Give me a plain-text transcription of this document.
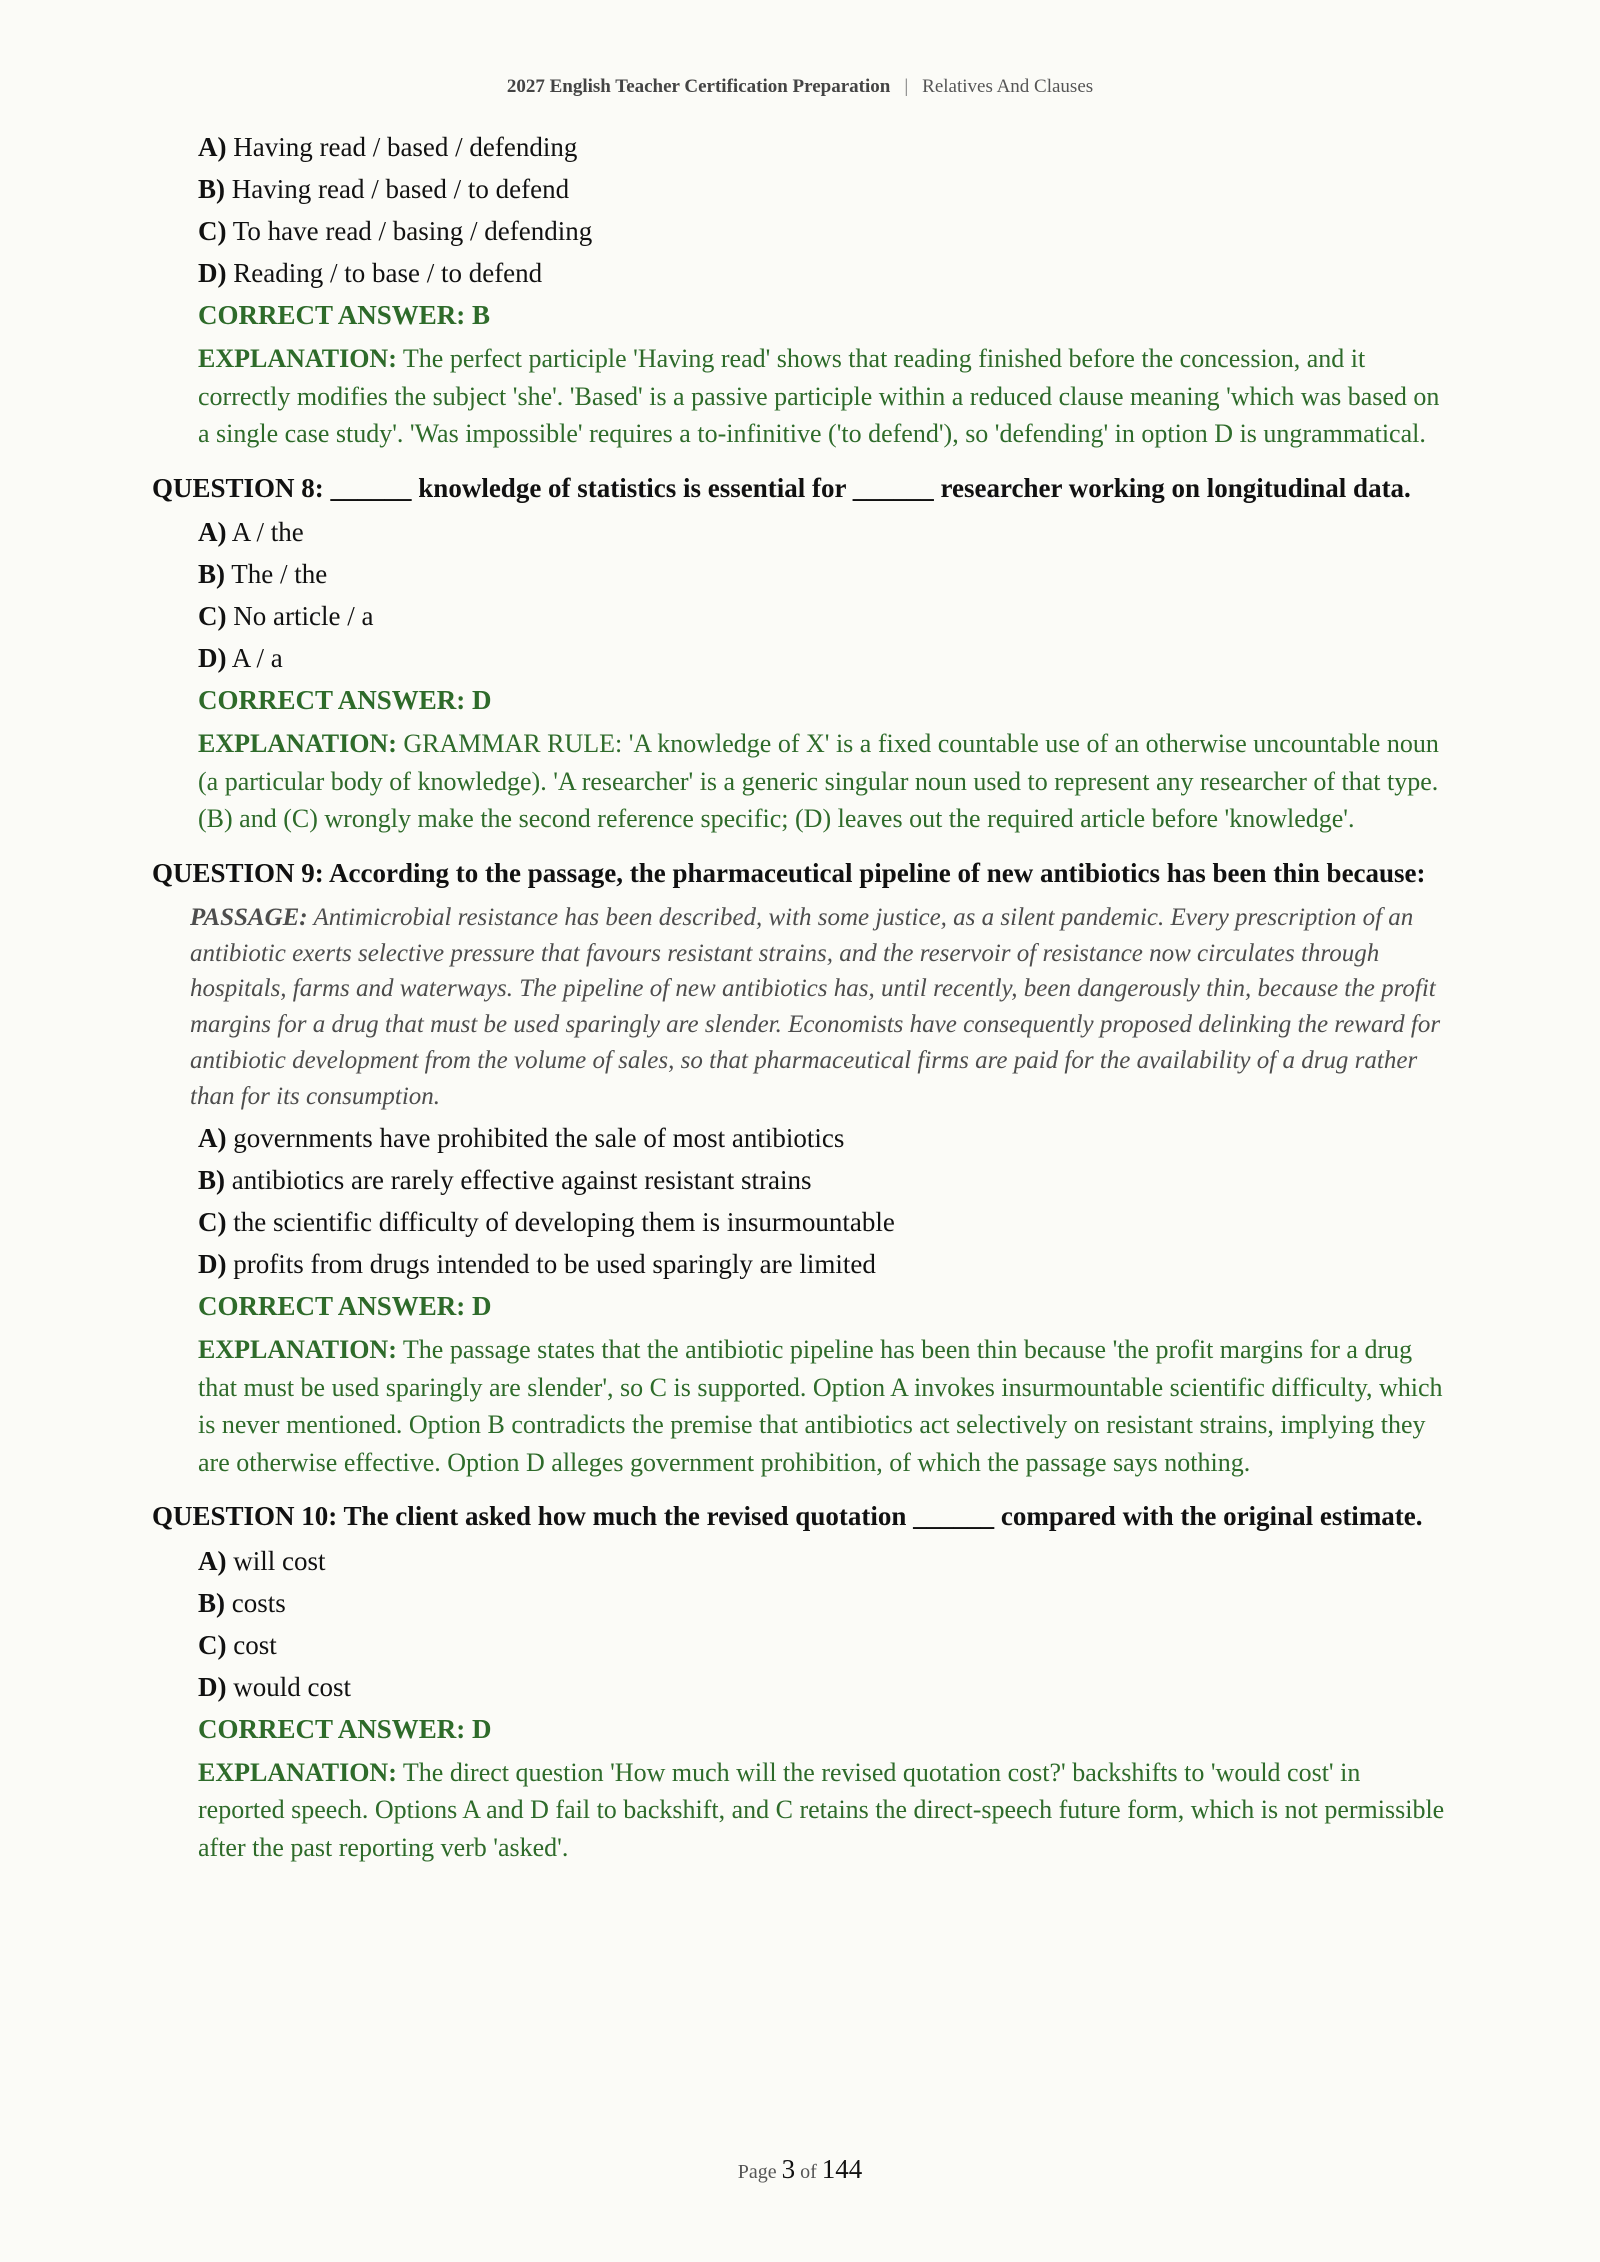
2027 English Teacher Certification Preparation | Relatives And Clauses
A) Having read / based / defending
B) Having read / based / to defend
C) To have read / basing / defending
D) Reading / to base / to defend
CORRECT ANSWER: B
EXPLANATION: The perfect participle 'Having read' shows that reading finished before the concession, and it correctly modifies the subject 'she'. 'Based' is a passive participle within a reduced clause meaning 'which was based on a single case study'. 'Was impossible' requires a to-infinitive ('to defend'), so 'defending' in option D is ungrammatical.
QUESTION 8: ______ knowledge of statistics is essential for ______ researcher working on longitudinal data.
A) A / the
B) The / the
C) No article / a
D) A / a
CORRECT ANSWER: D
EXPLANATION: GRAMMAR RULE: 'A knowledge of X' is a fixed countable use of an otherwise uncountable noun (a particular body of knowledge). 'A researcher' is a generic singular noun used to represent any researcher of that type. (B) and (C) wrongly make the second reference specific; (D) leaves out the required article before 'knowledge'.
QUESTION 9: According to the passage, the pharmaceutical pipeline of new antibiotics has been thin because:
PASSAGE: Antimicrobial resistance has been described, with some justice, as a silent pandemic. Every prescription of an antibiotic exerts selective pressure that favours resistant strains, and the reservoir of resistance now circulates through hospitals, farms and waterways. The pipeline of new antibiotics has, until recently, been dangerously thin, because the profit margins for a drug that must be used sparingly are slender. Economists have consequently proposed delinking the reward for antibiotic development from the volume of sales, so that pharmaceutical firms are paid for the availability of a drug rather than for its consumption.
A) governments have prohibited the sale of most antibiotics
B) antibiotics are rarely effective against resistant strains
C) the scientific difficulty of developing them is insurmountable
D) profits from drugs intended to be used sparingly are limited
CORRECT ANSWER: D
EXPLANATION: The passage states that the antibiotic pipeline has been thin because 'the profit margins for a drug that must be used sparingly are slender', so C is supported. Option A invokes insurmountable scientific difficulty, which is never mentioned. Option B contradicts the premise that antibiotics act selectively on resistant strains, implying they are otherwise effective. Option D alleges government prohibition, of which the passage says nothing.
QUESTION 10: The client asked how much the revised quotation ______ compared with the original estimate.
A) will cost
B) costs
C) cost
D) would cost
CORRECT ANSWER: D
EXPLANATION: The direct question 'How much will the revised quotation cost?' backshifts to 'would cost' in reported speech. Options A and D fail to backshift, and C retains the direct-speech future form, which is not permissible after the past reporting verb 'asked'.
Page 3 of 144
